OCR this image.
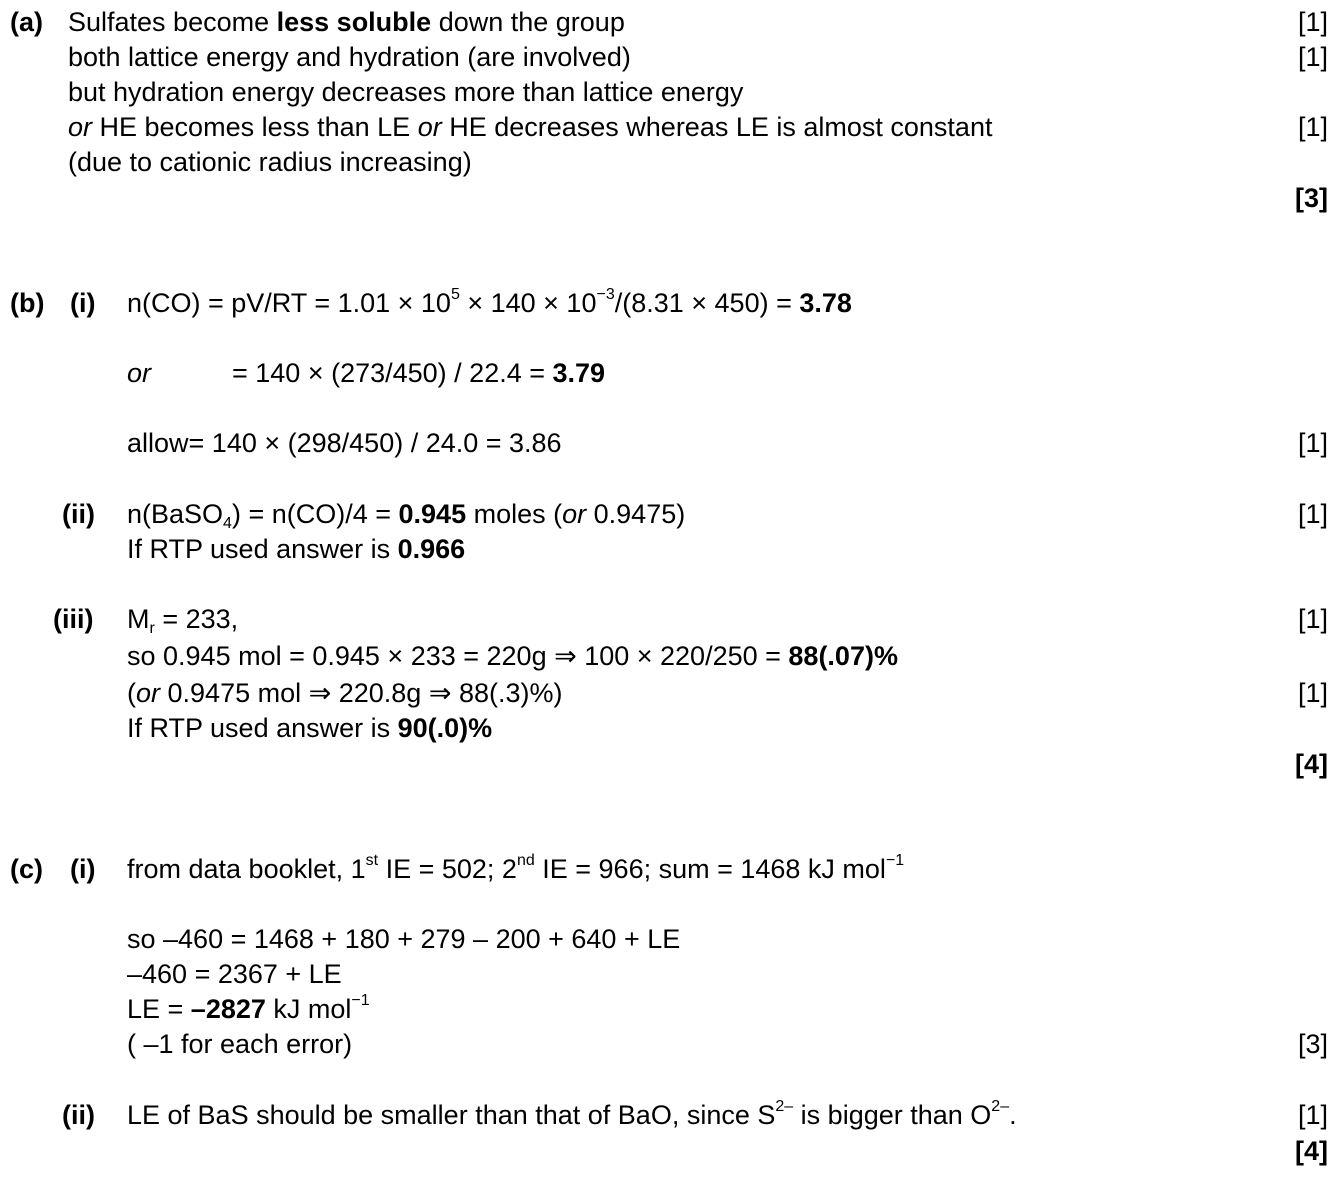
(a) Sulfates become less soluble down the group	[1]
both lattice energy and hydration (are involved)	[1]
but hydration energy decreases more than lattice energy
or HE becomes less than LE or HE decreases whereas LE is almost constant	[1]
(due to cationic radius increasing)
[3]
(b) (i) $n(CO) = pV/RT = 1.01 \times 10^5 \times 140 \times 10^{-3}/(8.31 \times 450) = 3.78$
or	= 140 × (273/450) / 22.4 = 3.79
allow= 140 × (298/450) / 24.0 = 3.86	[1]
(ii) n(BaSO$_4$) = n(CO)/4 = 0.945 moles (or 0.9475)	[1]
If RTP used answer is 0.966
(iii) $M_r = 233$,	[1]
so 0.945 mol = 0.945 × 233 = 220g ⇒ 100 × 220/250 = 88(.07)%
(or 0.9475 mol ⇒ 220.8g ⇒ 88(.3)%)	[1]
If RTP used answer is 90(.0)%
[4]
(c) (i) from data booklet, 1st IE = 502; 2nd IE = 966; sum = 1468 kJ mol$^{-1}$
so –460 = 1468 + 180 + 279 – 200 + 640 + LE
–460 = 2367 + LE
LE = –2827 kJ mol$^{-1}$
( –1 for each error)	[3]
(ii) LE of BaS should be smaller than that of BaO, since $S^{2-}$ is bigger than $O^{2-}$.	[1]
[4]
